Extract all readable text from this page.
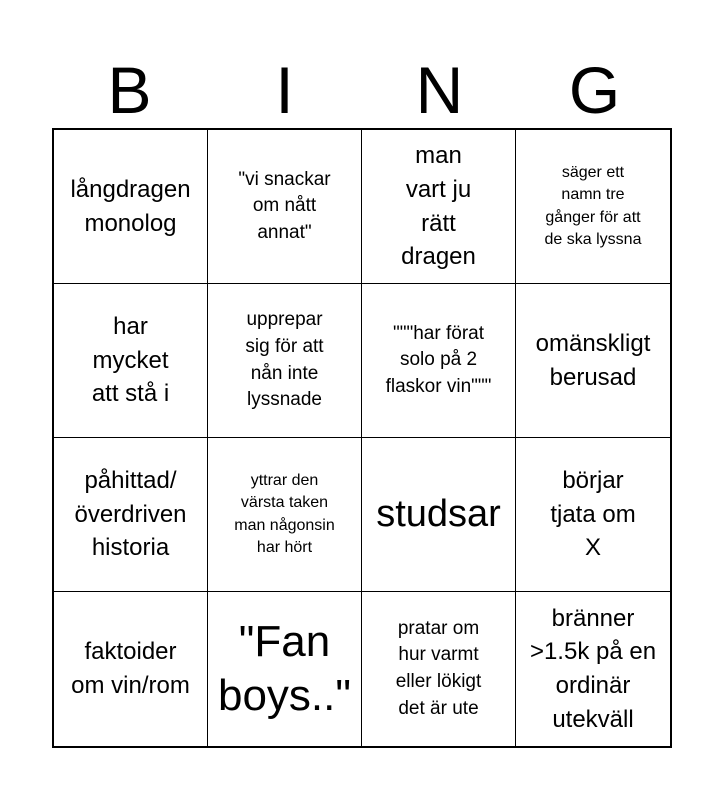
B	I	N	G
långdragen monolog
"vi snackar om nått annat"
man vart ju rätt dragen
säger ett namn tre gånger för att de ska lyssna
har mycket att stå i
upprepar sig för att nån inte lyssnade
"""har förat solo på 2 flaskor vin"""
omänskligt berusad
påhittad/ överdriven historia
yttrar den värsta taken man någonsin har hört
studsar
börjar tjata om X
faktoider om vin/rom
"Fan boys.."
pratar om hur varmt eller lökigt det är ute
bränner >1.5k på en ordinär utekväll
